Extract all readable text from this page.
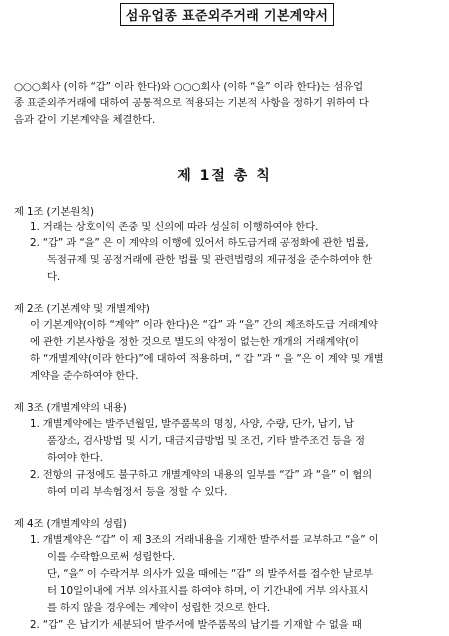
섬유업종 표준외주거래 기본계약서
○○○회사 (이하 “갑” 이라 한다)와 ○○○회사 (이하 “을” 이라 한다)는 섬유업
종 표준외주거래에 대하여 공통적으로 적용되는 기본적 사항을 정하기 위하여 다
음과 같이 기본계약을 체결한다.
제 1절 총 칙
제 1조 (기본원칙)
1. 거래는 상호이익 존중 및 신의에 따라 성실히 이행하여야 한다.
2. “갑” 과 “을” 은 이 계약의 이행에 있어서 하도급거래 공정화에 관한 법률,
독점규제 및 공정거래에 관한 법률 및 관련법령의 제규정을 준수하여야 한
다.
제 2조 (기본계약 및 개별계약)
이 기본계약(이하 “계약” 이라 한다)은 “갑” 과 “을” 간의 제조하도급 거래계약
에 관한 기본사항을 정한 것으로 별도의 약정이 없는한 개개의 거래계약(이
하 “개별계약(이라 한다)”에 대하여 적용하며, “ 갑 ”과 “ 을 ”은 이 계약 및 개별
계약을 준수하여야 한다.
제 3조 (개별계약의 내용)
1. 개별계약에는 발주년월일, 발주품목의 명칭, 사양, 수량, 단가, 납기, 납
품장소, 검사방법 및 시기, 대금지급방법 및 조건, 기타 발주조건 등을 정
하여야 한다.
2. 전항의 규정에도 불구하고 개별계약의 내용의 일부를 “갑” 과 “을” 이 협의
하여 미리 부속협정서 등을 정할 수 있다.
제 4조 (개별계약의 성립)
1. 개별계약은 “갑” 이 제 3조의 거래내용을 기재한 발주서를 교부하고 “을” 이
이를 수락함으로써 성립한다.
단, “을” 이 수락거부 의사가 있을 때에는 “갑” 의 발주서를 접수한 날로부
터 10일이내에 거부 의사표시를 하여야 하며, 이 기간내에 거부 의사표시
를 하지 않을 경우에는 계약이 성립한 것으로 한다.
2. “갑” 은 납기가 세분되어 발주서에 발주품목의 납기를 기재할 수 없을 때
